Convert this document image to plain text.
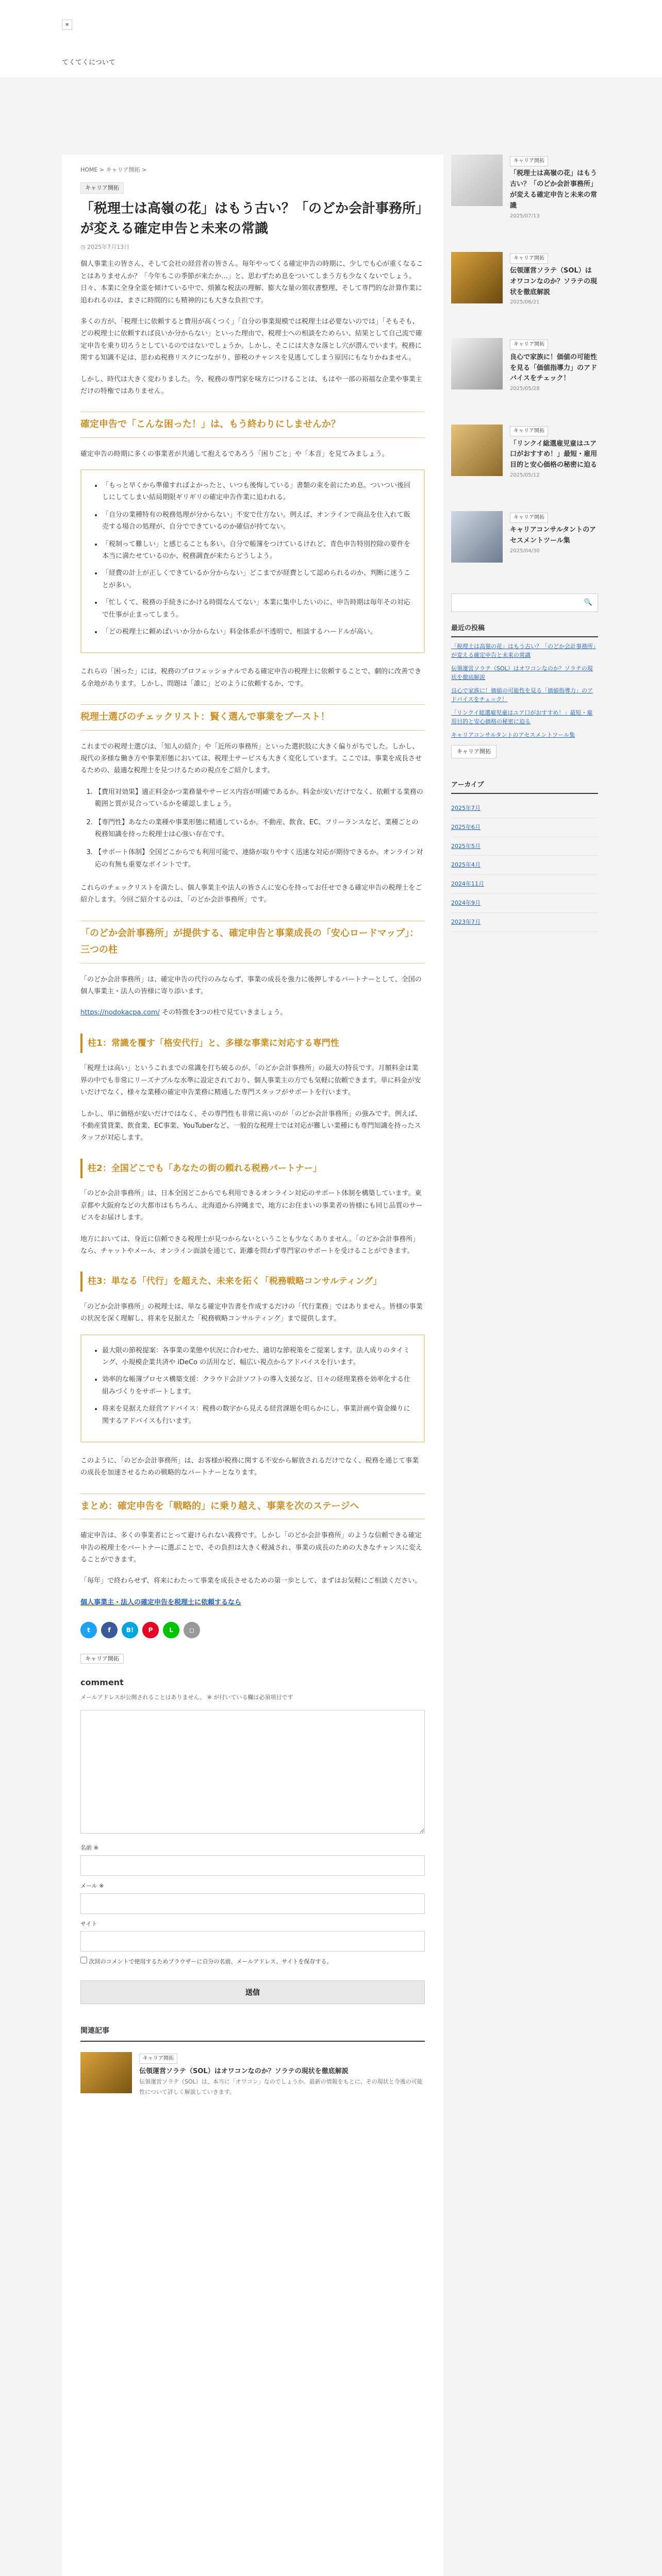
▪
てくてくについて
HOME > キャリア開拓 >
キャリア開拓
「税理士は高嶺の花」はもう古い？「のどか会計事務所」が変える確定申告と未来の常識
◷ 2025年7月13日

個人事業主の皆さん、そして会社の経営者の皆さん。毎年やってくる確定申告の時期に、少しでも心が重くなることはありませんか？「今年もこの季節が来たか…」と、思わずため息をついてしまう方も少なくないでしょう。日々、本業に全身全霊を傾けている中で、煩雑な税法の理解、膨大な量の領収書整理、そして専門的な計算作業に追われるのは、まさに時間的にも精神的にも大きな負担です。

多くの方が、「税理士に依頼すると費用が高くつく」「自分の事業規模では税理士は必要ないのでは」「そもそも、どの税理士に依頼すれば良いか分からない」といった理由で、税理士への相談をためらい、結果として自己流で確定申告を乗り切ろうとしているのではないでしょうか。しかし、そこには大きな落とし穴が潜んでいます。税務に関する知識不足は、思わぬ税務リスクにつながり、節税のチャンスを見逃してしまう原因にもなりかねません。

しかし、時代は大きく変わりました。今、税務の専門家を味方につけることは、もはや一部の裕福な企業や事業主だけの特権ではありません。

確定申告で「こんな困った！」は、もう終わりにしませんか？

確定申告の時期に多くの事業者が共通して抱えるであろう「困りごと」や「本音」を見てみましょう。

• 「もっと早くから準備すればよかったと、いつも後悔している」書類の束を前にため息。ついつい後回しにしてしまい結局期限ギリギリの確定申告作業に追われる。
• 「自分の業種特有の税務処理が分からない」不安で仕方ない。例えば、オンラインで商品を仕入れて販売する場合の処理が、自分でできているのか確信が持てない。
• 「税制って難しい」と感じることも多い。自分で帳簿をつけているけれど、青色申告特別控除の要件を本当に満たせているのか、税務調査が来たらどうしよう。
• 「経費の計上が正しくできているか分からない」どこまでが経費として認められるのか、判断に迷うことが多い。
• 「忙しくて、税務の手続きにかける時間なんてない」本業に集中したいのに、申告時期は毎年その対応で仕事が止まってしまう。
• 「どの税理士に頼めばいいか分からない」料金体系が不透明で、相談するハードルが高い。

これらの「困った」には、税務のプロフェッショナルである確定申告の税理士に依頼することで、劇的に改善できる余地があります。しかし、問題は「誰に」どのように依頼するか、です。

税理士選びのチェックリスト：賢く選んで事業をブースト！

これまでの税理士選びは、「知人の紹介」や「近所の事務所」といった選択肢に大きく偏りがちでした。しかし、現代の多様な働き方や事業形態においては、税理士サービスも大きく変化しています。ここでは、事業を成長させるための、最適な税理士を見つけるための視点をご紹介します。

1. 【費用対効果】適正料金かつ業務量やサービス内容が明確であるか。料金が安いだけでなく、依頼する業務の範囲と質が見合っているかを確認しましょう。
2. 【専門性】あなたの業種や事業形態に精通しているか。不動産、飲食、EC、フリーランスなど、業種ごとの税務知識を持った税理士は心強い存在です。
3. 【サポート体制】全国どこからでも利用可能で、連絡が取りやすく迅速な対応が期待できるか。オンライン対応の有無も重要なポイントです。

これらのチェックリストを満たし、個人事業主や法人の皆さんに安心を持ってお任せできる確定申告の税理士をご紹介します。今回ご紹介するのは、「のどか会計事務所」です。

「のどか会計事務所」が提供する、確定申告と事業成長の「安心ロードマップ」：三つの柱

「のどか会計事務所」は、確定申告の代行のみならず、事業の成長を強力に後押しするパートナーとして、全国の個人事業主・法人の皆様に寄り添います。

https://nodokacpa.com/ その特徴を3つの柱で見ていきましょう。

柱1：常識を覆す「格安代行」と、多様な事業に対応する専門性

「税理士は高い」というこれまでの常識を打ち破るのが、「のどか会計事務所」の最大の特長です。月額料金は業界の中でも非常にリーズナブルな水準に設定されており、個人事業主の方でも気軽に依頼できます。単に料金が安いだけでなく、様々な業種の確定申告業務に精通した専門スタッフがサポートを行います。

しかし、単に価格が安いだけではなく、その専門性も非常に高いのが「のどか会計事務所」の強みです。例えば、不動産賃貸業、飲食業、EC事業、YouTuberなど、一般的な税理士では対応が難しい業種にも専門知識を持ったスタッフが対応します。

柱2：全国どこでも「あなたの街の頼れる税務パートナー」

「のどか会計事務所」は、日本全国どこからでも利用できるオンライン対応のサポート体制を構築しています。東京都や大阪府などの大都市はもちろん、北海道から沖縄まで、地方にお住まいの事業者の皆様にも同じ品質のサービスをお届けします。

地方においては、身近に信頼できる税理士が見つからないということも少なくありません。「のどか会計事務所」なら、チャットやメール、オンライン面談を通じて、距離を問わず専門家のサポートを受けることができます。

柱3：単なる「代行」を超えた、未来を拓く「税務戦略コンサルティング」

「のどか会計事務所」の税理士は、単なる確定申告書を作成するだけの「代行業務」ではありません。皆様の事業の状況を深く理解し、将来を見据えた「税務戦略コンサルティング」まで提供します。

• 最大限の節税提案：各事業の業態や状況に合わせた、適切な節税策をご提案します。法人成りのタイミング、小規模企業共済や iDeCo の活用など、幅広い視点からアドバイスを行います。
• 効率的な帳簿プロセス構築支援：クラウド会計ソフトの導入支援など、日々の経理業務を効率化する仕組みづくりをサポートします。
• 将来を見据えた経営アドバイス：税務の数字から見える経営課題を明らかにし、事業計画や資金繰りに関するアドバイスも行います。

このように、「のどか会計事務所」は、お客様が税務に関する不安から解放されるだけでなく、税務を通じて事業の成長を加速させるための戦略的なパートナーとなります。

まとめ：確定申告を「戦略的」に乗り越え、事業を次のステージへ

確定申告は、多くの事業者にとって避けられない義務です。しかし「のどか会計事務所」のような信頼できる確定申告の税理士をパートナーに選ぶことで、その負担は大きく軽減され、事業の成長のための大きなチャンスに変えることができます。

「毎年」で終わらせず、将来にわたって事業を成長させるための第一歩として、まずはお気軽にご相談ください。

個人事業主・法人の確定申告を税理士に依頼するなら

t	f	B!	P	L	◻
キャリア開拓
comment
メールアドレスが公開されることはありません。 ※ が付いている欄は必須項目です
名前 ※
メール ※
サイト
次回のコメントで使用するためブラウザーに自分の名前、メールアドレス、サイトを保存する。
送信
関連記事
キャリア開拓
伝領運営ソラテ（SOL）はオワコンなのか？ソラテの現状を徹底解説
伝領運営ソラテ（SOL）は、本当に「オワコン」なのでしょうか。最新の情報をもとに、その現状と今後の可能性について詳しく解説していきます。
キャリア開拓
「税理士は高嶺の花」はもう古い？「のどか会計事務所」が変える確定申告と未来の常識
2025/07/13
キャリア開拓
伝領運営ソラテ（SOL）はオワコンなのか？ソラテの現状を徹底解説
2025/06/21
キャリア開拓
良心で家族に！価値の可能性を見る「価値指導力」のアドバイスをチェック！
2025/05/28
キャリア開拓
「リンクイ総選雇児童はユア口がおすすめ！」最短・雇用目的と安心価格の秘密に迫る
2025/05/12
キャリア開拓
キャリアコンサルタントのアセスメントツール集
2025/04/30
🔍
最近の投稿
「税理士は高嶺の花」はもう古い？「のどか会計事務所」が変える確定申告と未来の常識
伝領運営ソラテ（SOL）はオワコンなのか？ソラテの現状を徹底解説
良心で家族に！価値の可能性を見る「価値指導力」のアドバイスをチェック！
「リンクイ総選雇児童はユア口がおすすめ！」最短・雇用目的と安心価格の秘密に迫る
キャリアコンサルタントのアセスメントツール集
キャリア開拓
アーカイブ
2025年7月
2025年6月
2025年5月
2025年4月
2024年11月
2024年9月
2023年7月
